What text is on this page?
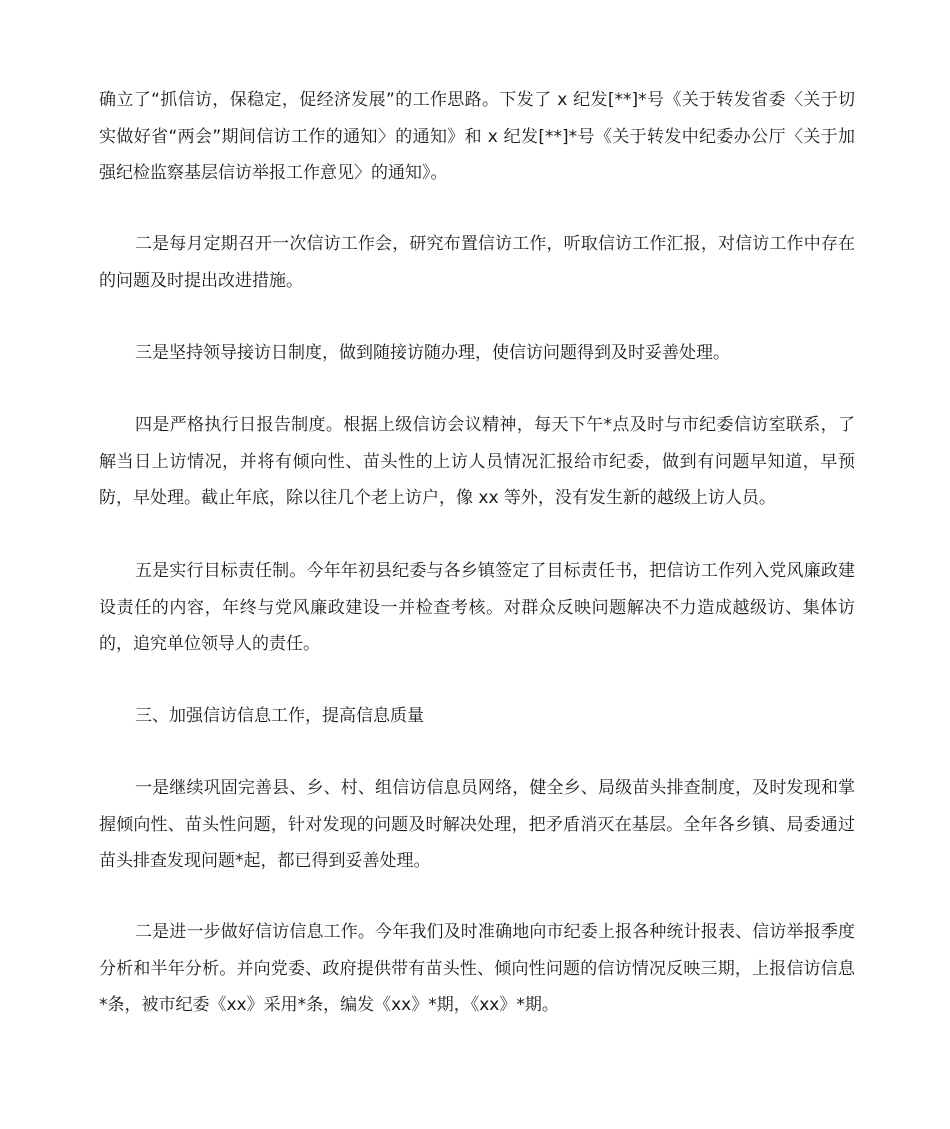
确立了“抓信访，保稳定，促经济发展”的工作思路。下发了 x 纪发[**]*号《关于转发省委〈关于切实做好省“两会”期间信访工作的通知〉的通知》和 x 纪发[**]*号《关于转发中纪委办公厅〈关于加强纪检监察基层信访举报工作意见〉的通知》。

二是每月定期召开一次信访工作会，研究布置信访工作，听取信访工作汇报，对信访工作中存在的问题及时提出改进措施。

三是坚持领导接访日制度，做到随接访随办理，使信访问题得到及时妥善处理。

四是严格执行日报告制度。根据上级信访会议精神，每天下午*点及时与市纪委信访室联系，了解当日上访情况，并将有倾向性、苗头性的上访人员情况汇报给市纪委，做到有问题早知道，早预防，早处理。截止年底，除以往几个老上访户，像 xx 等外，没有发生新的越级上访人员。

五是实行目标责任制。今年年初县纪委与各乡镇签定了目标责任书，把信访工作列入党风廉政建设责任的内容，年终与党风廉政建设一并检查考核。对群众反映问题解决不力造成越级访、集体访的，追究单位领导人的责任。

三、加强信访信息工作，提高信息质量

一是继续巩固完善县、乡、村、组信访信息员网络，健全乡、局级苗头排查制度，及时发现和掌握倾向性、苗头性问题，针对发现的问题及时解决处理，把矛盾消灭在基层。全年各乡镇、局委通过苗头排查发现问题*起，都已得到妥善处理。

二是进一步做好信访信息工作。今年我们及时准确地向市纪委上报各种统计报表、信访举报季度分析和半年分析。并向党委、政府提供带有苗头性、倾向性问题的信访情况反映三期，上报信访信息*条，被市纪委《xx》采用*条，编发《xx》*期，《xx》*期。
